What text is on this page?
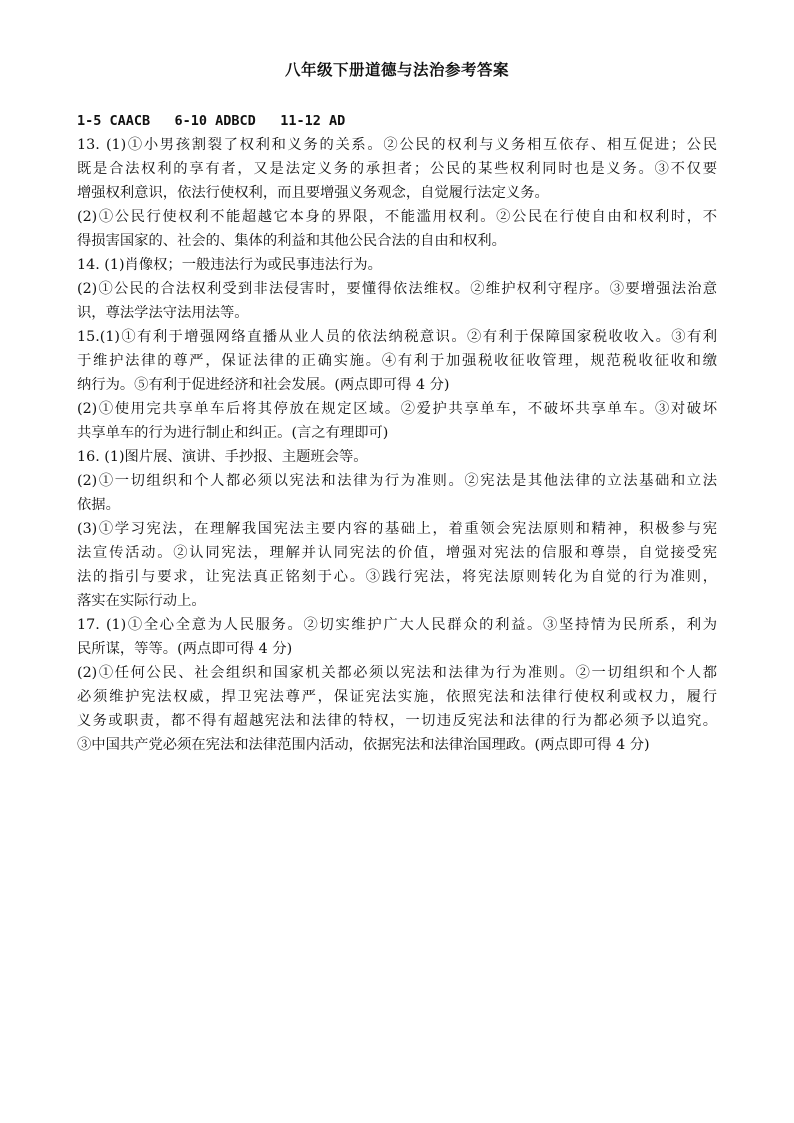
八年级下册道德与法治参考答案
1-5 CAACB   6-10 ADBCD   11-12 AD
13. (1)①小男孩割裂了权利和义务的关系。②公民的权利与义务相互依存、相互促进；公民
既是合法权利的享有者，又是法定义务的承担者；公民的某些权利同时也是义务。③不仅要
增强权利意识，依法行使权利，而且要增强义务观念，自觉履行法定义务。
(2)①公民行使权利不能超越它本身的界限，不能滥用权利。②公民在行使自由和权利时，不
得损害国家的、社会的、集体的利益和其他公民合法的自由和权利。
14. (1)肖像权；一般违法行为或民事违法行为。
(2)①公民的合法权利受到非法侵害时，要懂得依法维权。②维护权利守程序。③要增强法治意
识，尊法学法守法用法等。
15.(1)①有利于增强网络直播从业人员的依法纳税意识。②有利于保障国家税收收入。③有利
于维护法律的尊严，保证法律的正确实施。④有利于加强税收征收管理，规范税收征收和缴
纳行为。⑤有利于促进经济和社会发展。(两点即可得 4 分)
(2)①使用完共享单车后将其停放在规定区域。②爱护共享单车，不破坏共享单车。③对破坏
共享单车的行为进行制止和纠正。(言之有理即可)
16. (1)图片展、演讲、手抄报、主题班会等。
(2)①一切组织和个人都必须以宪法和法律为行为准则。②宪法是其他法律的立法基础和立法
依据。
(3)①学习宪法，在理解我国宪法主要内容的基础上，着重领会宪法原则和精神，积极参与宪
法宣传活动。②认同宪法，理解并认同宪法的价值，增强对宪法的信服和尊崇，自觉接受宪
法的指引与要求，让宪法真正铭刻于心。③践行宪法，将宪法原则转化为自觉的行为准则，
落实在实际行动上。
17. (1)①全心全意为人民服务。②切实维护广大人民群众的利益。③坚持情为民所系，利为
民所谋，等等。(两点即可得 4 分)
(2)①任何公民、社会组织和国家机关都必须以宪法和法律为行为准则。②一切组织和个人都
必须维护宪法权威，捍卫宪法尊严，保证宪法实施，依照宪法和法律行使权利或权力，履行
义务或职责，都不得有超越宪法和法律的特权，一切违反宪法和法律的行为都必须予以追究。
③中国共产党必须在宪法和法律范围内活动，依据宪法和法律治国理政。(两点即可得 4 分)
